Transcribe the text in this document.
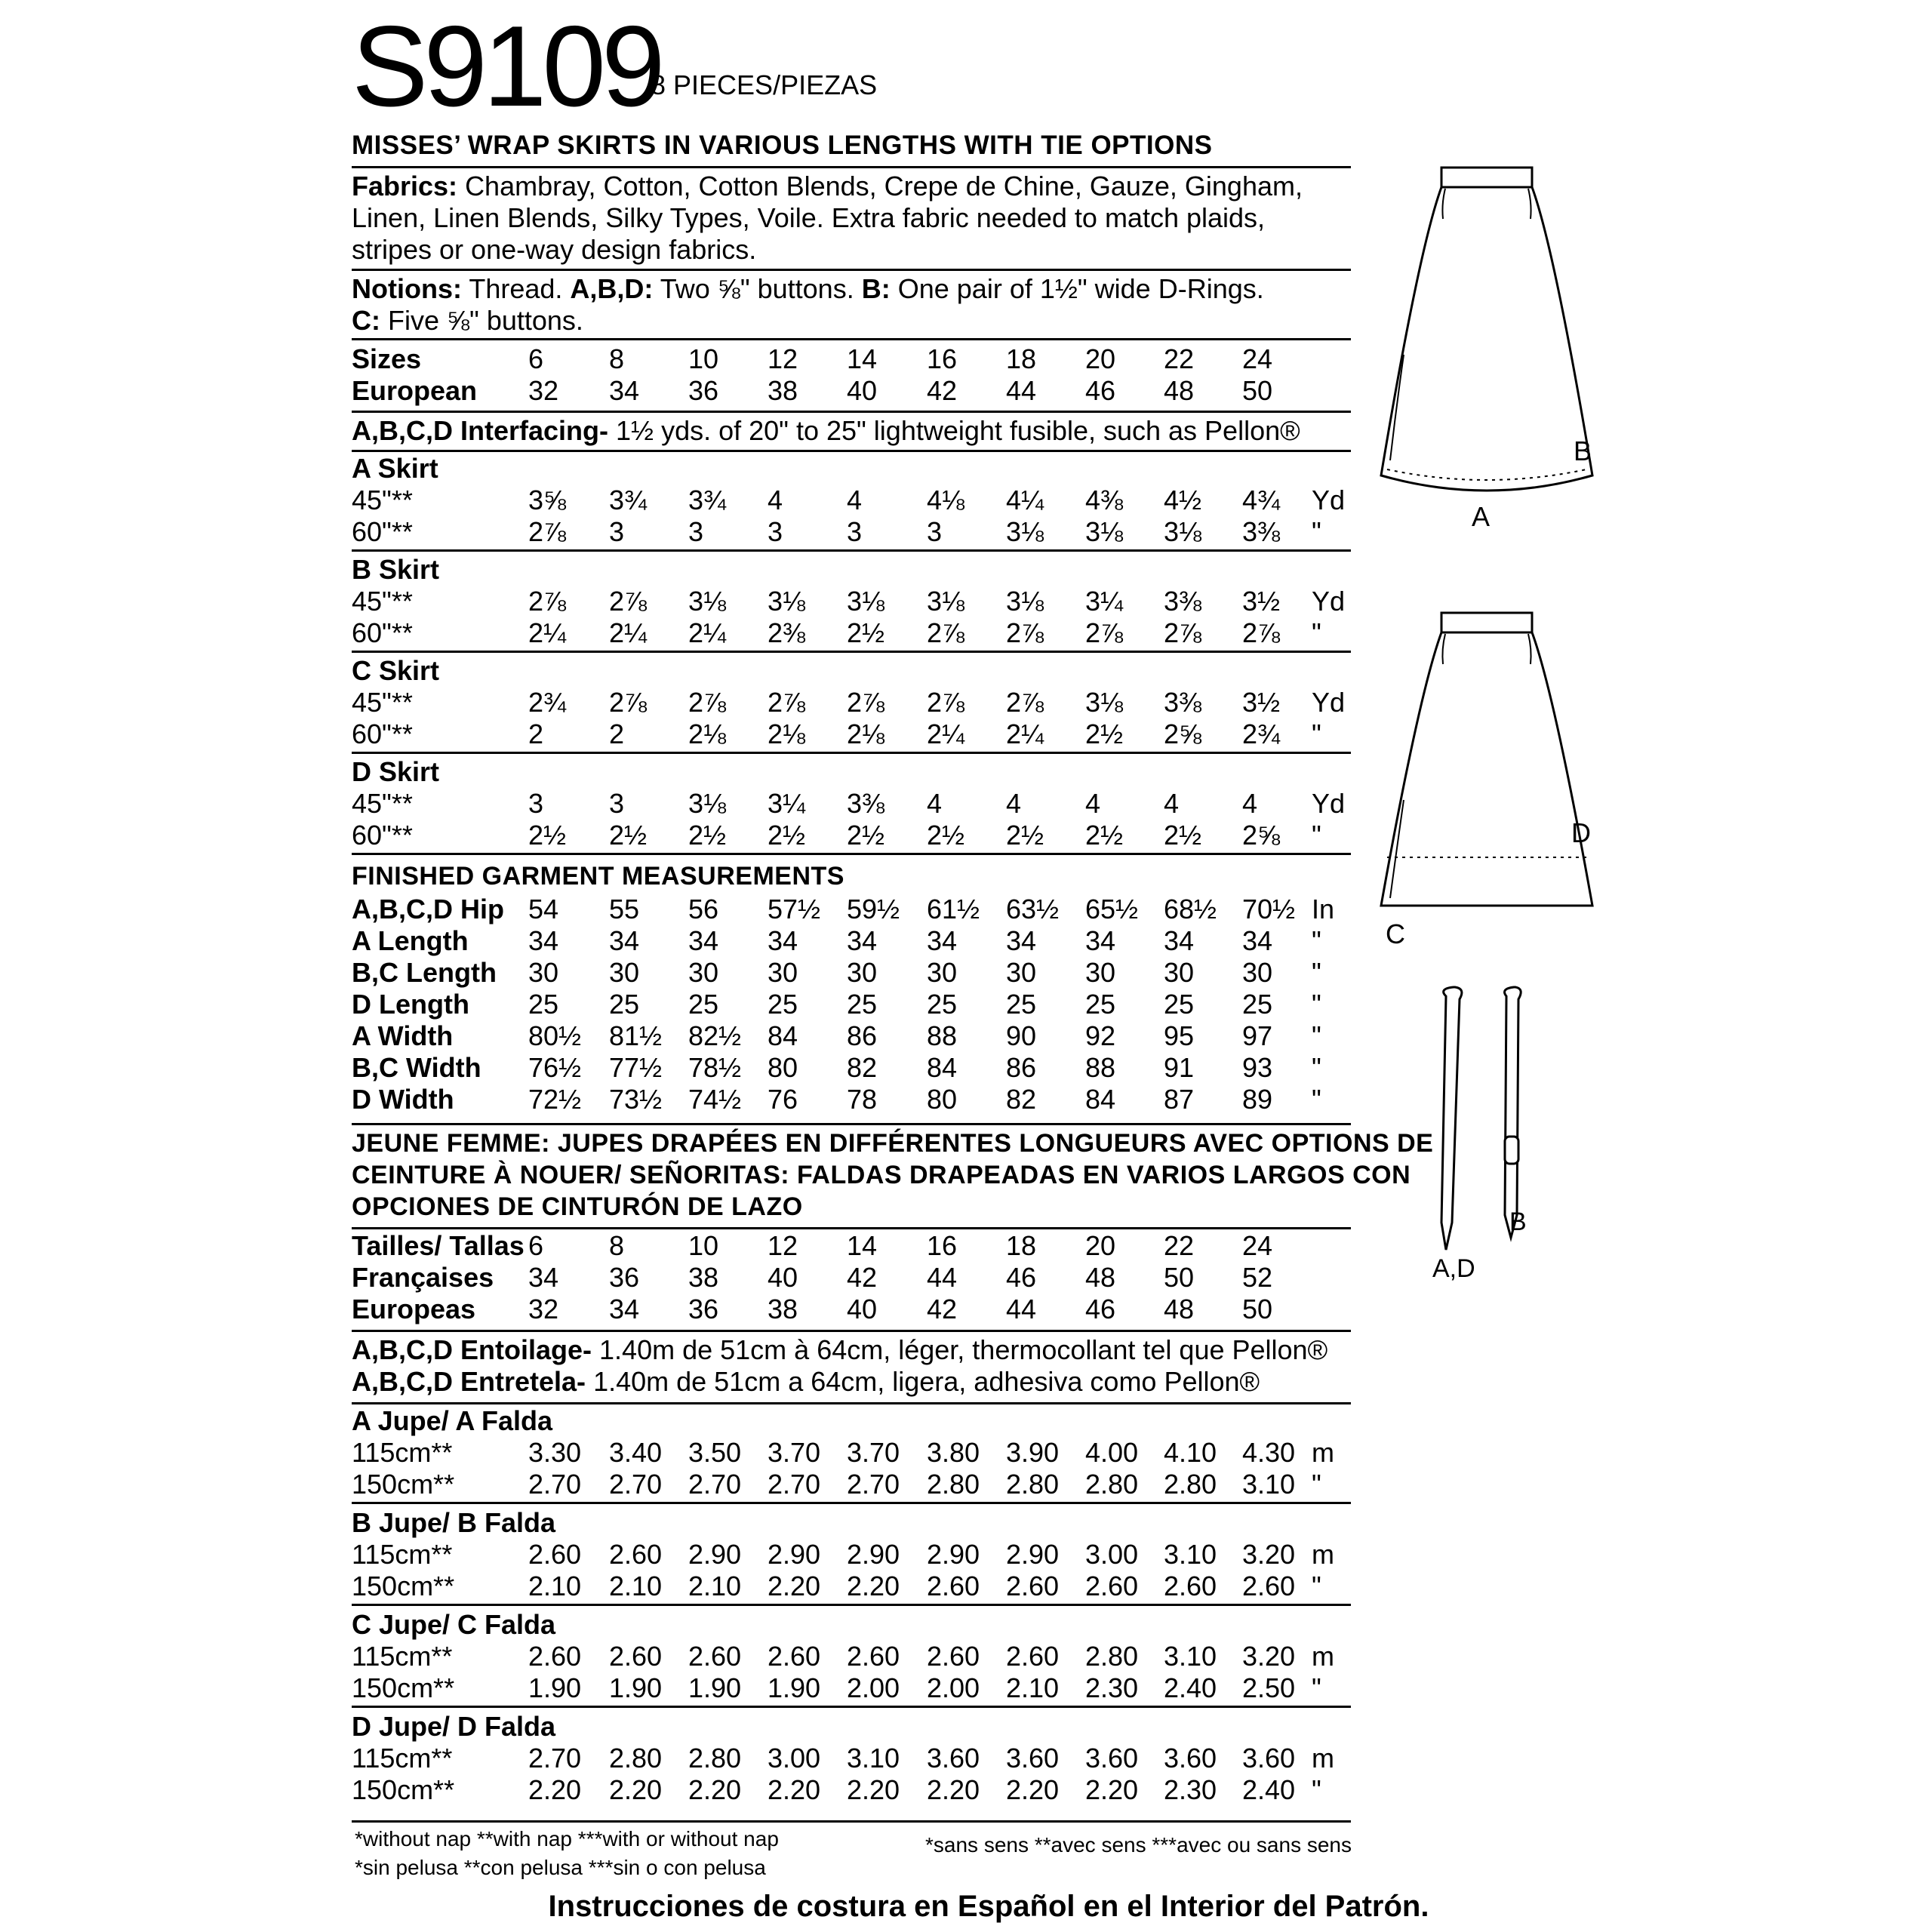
S9109
8 PIECES/PIEZAS
MISSES’ WRAP SKIRTS IN VARIOUS LENGTHS WITH TIE OPTIONS
Fabrics: Chambray, Cotton, Cotton Blends, Crepe de Chine, Gauze, Gingham, Linen, Linen Blends, Silky Types, Voile. Extra fabric needed to match plaids, stripes or one-way design fabrics.
Notions: Thread. A,B,D: Two ⅝" buttons. B: One pair of 1½" wide D-Rings.
C: Five ⅝" buttons.
Sizes	6 8 10 12 14 16 18 20 22 24
European 32 34 36 38 40 42 44 46 48 50
A,B,C,D Interfacing- 1½ yds. of 20" to 25" lightweight fusible, such as Pellon®
A Skirt
45"**	3⅝ 3¾ 3¾ 4 4 4⅛ 4¼ 4⅜ 4½ 4¾ Yd
60"**	2⅞ 3 3 3 3 3 3⅛ 3⅛ 3⅛ 3⅜ "
B Skirt
45"**	2⅞ 2⅞ 3⅛ 3⅛ 3⅛ 3⅛ 3⅛ 3¼ 3⅜ 3½ Yd
60"**	2¼ 2¼ 2¼ 2⅜ 2½ 2⅞ 2⅞ 2⅞ 2⅞ 2⅞ "
C Skirt
45"**	2¾ 2⅞ 2⅞ 2⅞ 2⅞ 2⅞ 2⅞ 3⅛ 3⅜ 3½ Yd
60"**	2 2 2⅛ 2⅛ 2⅛ 2¼ 2¼ 2½ 2⅝ 2¾ "
D Skirt
45"**	3 3 3⅛ 3¼ 3⅜ 4 4 4 4 4 Yd
60"**	2½ 2½ 2½ 2½ 2½ 2½ 2½ 2½ 2½ 2⅝ "
FINISHED GARMENT MEASUREMENTS
A,B,C,D Hip 54 55 56 57½ 59½ 61½ 63½ 65½ 68½ 70½ In
A Length 34 34 34 34 34 34 34 34 34 34 "
B,C Length 30 30 30 30 30 30 30 30 30 30 "
D Length 25 25 25 25 25 25 25 25 25 25 "
A Width	80½ 81½ 82½ 84 86 88 90 92 95 97 "
B,C Width 76½ 77½ 78½ 80 82 84 86 88 91 93 "
D Width	72½ 73½ 74½ 76 78 80 82 84 87 89 "
JEUNE FEMME: JUPES DRAPÉES EN DIFFÉRENTES LONGUEURS AVEC OPTIONS DE
CEINTURE À NOUER/ SEÑORITAS: FALDAS DRAPEADAS EN VARIOS LARGOS CON
OPCIONES DE CINTURÓN DE LAZO
Tailles/ Tallas 6 8 10 12 14 16 18 20 22 24
Françaises 34 36 38 40 42 44 46 48 50 52
Europeas 32 34 36 38 40 42 44 46 48 50
A,B,C,D Entoilage- 1.40m de 51cm à 64cm, léger, thermocollant tel que Pellon®
A,B,C,D Entretela- 1.40m de 51cm a 64cm, ligera, adhesiva como Pellon®
A Jupe/ A Falda
115cm**	3.30 3.40 3.50 3.70 3.70 3.80 3.90 4.00 4.10 4.30 m
150cm**	2.70 2.70 2.70 2.70 2.70 2.80 2.80 2.80 2.80 3.10 "
B Jupe/ B Falda
115cm**	2.60 2.60 2.90 2.90 2.90 2.90 2.90 3.00 3.10 3.20 m
150cm**	2.10 2.10 2.10 2.20 2.20 2.60 2.60 2.60 2.60 2.60 "
C Jupe/ C Falda
115cm**	2.60 2.60 2.60 2.60 2.60 2.60 2.60 2.80 3.10 3.20 m
150cm**	1.90 1.90 1.90 1.90 2.00 2.00 2.10 2.30 2.40 2.50 "
D Jupe/ D Falda
115cm**	2.70 2.80 2.80 3.00 3.10 3.60 3.60 3.60 3.60 3.60 m
150cm**	2.20 2.20 2.20 2.20 2.20 2.20 2.20 2.20 2.30 2.40 "
*without nap **with nap ***with or without nap
*sin pelusa **con pelusa ***sin o con pelusa
*sans sens **avec sens ***avec ou sans sens
Instrucciones de costura en Español en el Interior del Patrón.
B
A
D
C
B
A,D
